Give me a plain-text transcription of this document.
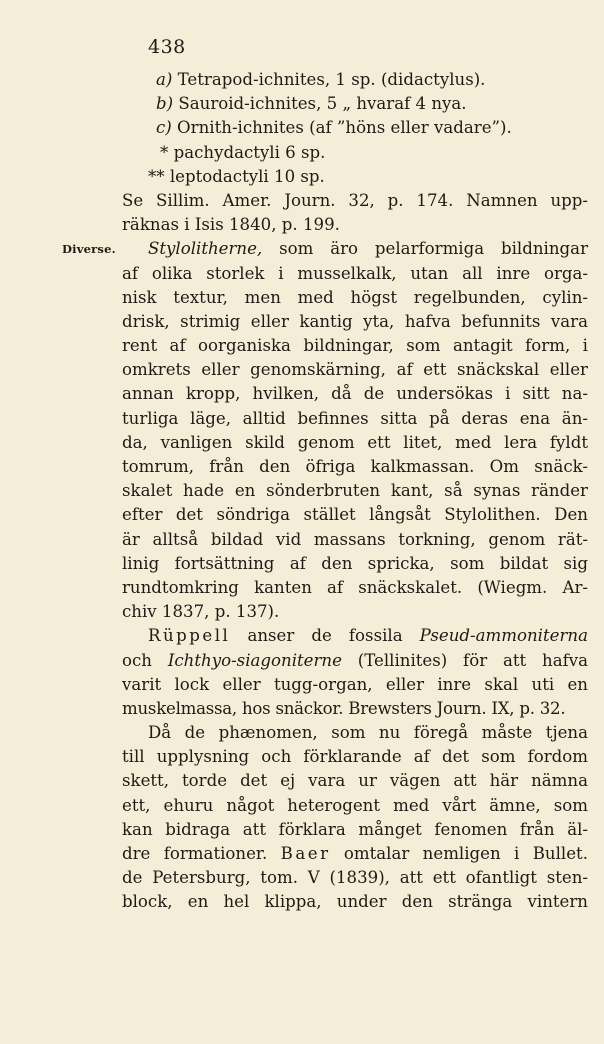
438
a) Tetrapod-ichnites, 1 sp. (didactylus).
b) Sauroid-ichnites, 5 „ hvaraf 4 nya.
c) Ornith-ichnites (af ”höns eller vadare”).
* pachydactyli 6 sp.
** leptodactyli 10 sp.
Se Sillim. Amer. Journ. 32, p. 174. Namnen upp-
räknas i Isis 1840, p. 199.
Diverse. Stylolitherne, som äro pelarformiga bildningar
af olika storlek i musselkalk, utan all inre orga-
nisk textur, men med högst regelbunden, cylin-
drisk, strimig eller kantig yta, hafva befunnits vara
rent af oorganiska bildningar, som antagit form, i
omkrets eller genomskärning, af ett snäckskal eller
annan kropp, hvilken, då de undersökas i sitt na-
turliga läge, alltid befinnes sitta på deras ena än-
da, vanligen skild genom ett litet, med lera fyldt
tomrum, från den öfriga kalkmassan. Om snäck-
skalet hade en sönderbruten kant, så synas ränder
efter det söndriga stället långsåt Stylolithen. Den
är alltså bildad vid massans torkning, genom rät-
linig fortsättning af den spricka, som bildat sig
rundtomkring kanten af snäckskalet. (Wiegm. Ar-
chiv 1837, p. 137).
Rüppell anser de fossila Pseud-ammoniterna
och Ichthyo-siagoniterne (Tellinites) för att hafva
varit lock eller tugg-organ, eller inre skal uti en
muskelmassa, hos snäckor. Brewsters Journ. IX, p. 32.
Då de phænomen, som nu föregå måste tjena
till upplysning och förklarande af det som fordom
skett, torde det ej vara ur vägen att här nämna
ett, ehuru något heterogent med vårt ämne, som
kan bidraga att förklara månget fenomen från äl-
dre formationer. Baer omtalar nemligen i Bullet.
de Petersburg, tom. V (1839), att ett ofantligt sten-
block, en hel klippa, under den stränga vintern
